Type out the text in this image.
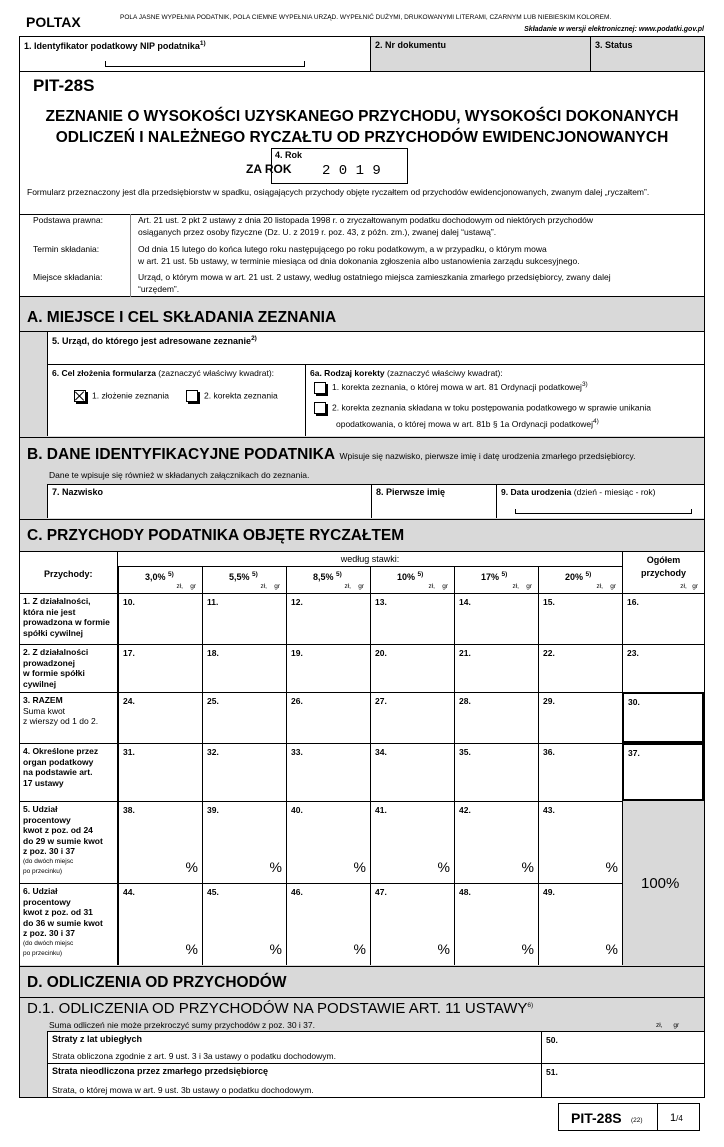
POLTAX	POLA JASNE WYPEŁNIA PODATNIK, POLA CIEMNE WYPEŁNIA URZĄD. WYPEŁNIĆ DUŻYMI, DRUKOWANYMI LITERAMI, CZARNYM LUB NIEBIESKIM KOLOREM.
Składanie w wersji elektronicznej: www.podatki.gov.pl
1. Identyfikator podatkowy NIP podatnika$^{1)}$	2. Nr dokumentu	3. Status
PIT-28S
ZEZNANIE O WYSOKOŚCI UZYSKANEGO PRZYCHODU, WYSOKOŚCI DOKONANYCH
ODLICZEŃ I NALEŻNEGO RYCZAŁTU OD PRZYCHODÓW EWIDENCJONOWANYCH
ZA ROK
4. Rok
2 0 1 9
Formularz przeznaczony jest dla przedsiębiorstw w spadku, osiągających przychody objęte ryczałtem od przychodów ewidencjonowanych, zwanym dalej „ryczałtem”.
Podstawa prawna:	Art. 21 ust. 2 pkt 2 ustawy z dnia 20 listopada 1998 r. o zryczałtowanym podatku dochodowym od niektórych przychodów
osiąganych przez osoby fizyczne (Dz. U. z 2019 r. poz. 43, z późn. zm.), zwanej dalej “ustawą”.
Termin składania:	Od dnia 15 lutego do końca lutego roku następującego po roku podatkowym, a w przypadku, o którym mowa
w art. 21 ust. 5b ustawy, w terminie miesiąca od dnia dokonania zgłoszenia albo ustanowienia zarządu sukcesyjnego.
Miejsce składania:	Urząd, o którym mowa w art. 21 ust. 2 ustawy, według ostatniego miejsca zamieszkania zmarłego przedsiębiorcy, zwany dalej
“urzędem”.
A. MIEJSCE I CEL SKŁADANIA ZEZNANIA
5. Urząd, do którego jest adresowane zeznanie$^{2)}$
6. Cel złożenia formularza (zaznaczyć właściwy kwadrat):
1. złożenie zeznania	2. korekta zeznania
6a. Rodzaj korekty (zaznaczyć właściwy kwadrat):
1. korekta zeznania, o której mowa w art. 81 Ordynacji podatkowej$^{3)}$
2. korekta zeznania składana w toku postępowania podatkowego w sprawie unikania
opodatkowania, o której mowa w art. 81b § 1a Ordynacji podatkowej$^{4)}$
B. DANE IDENTYFIKACYJNE PODATNIKA Wpisuje się nazwisko, pierwsze imię i datę urodzenia zmarłego przedsiębiorcy.
Dane te wpisuje się również w składanych załącznikach do zeznania.
7. Nazwisko	8. Pierwsze imię	9. Data urodzenia (dzień - miesiąc - rok)
C. PRZYCHODY PODATNIKA OBJĘTE RYCZAŁTEM
Przychody:
według stawki:	Ogółem
przychody
zł, gr
3,0% $^{5)}$
zł, gr
5,5% $^{5)}$
zł, gr
8,5% $^{5)}$
zł, gr
10% $^{5)}$
zł, gr
17% $^{5)}$
zł, gr
20% $^{5)}$
zł, gr
1. Z działalności,
która nie jest
prowadzona w formie
spółki cywilnej
10.	11.	12.	13.	14.	15.	16.
2. Z działalności
prowadzonej
w formie spółki
cywilnej
17.	18.	19.	20.	21.	22.	23.
3. RAZEM
Suma kwot
z wierszy od 1 do 2.
24.	25.	26.	27.	28.	29.	30.
4. Określone przez
organ podatkowy
na podstawie art.
17 ustawy
31.	32.	33.	34.	35.	36.	37.
5. Udział
procentowy
kwot z poz. od 24
do 29 w sumie kwot
z poz. 30 i 37
(do dwóch miejsc
po przecinku)
38.
%
39.
%
40.
%
41.
%
42.
%
43.
%
6. Udział
procentowy
kwot z poz. od 31
do 36 w sumie kwot
z poz. 30 i 37
(do dwóch miejsc
po przecinku)
44.
%
45.
%
46.
%
47.
%
48.
%
49.
%
100%
D. ODLICZENIA OD PRZYCHODÓW
D.1. ODLICZENIA OD PRZYCHODÓW NA PODSTAWIE ART. 11 USTAWY$^{6)}$
Suma odliczeń nie może przekroczyć sumy przychodów z poz. 30 i 37.	zł, gr
Straty z lat ubiegłych
Strata obliczona zgodnie z art. 9 ust. 3 i 3a ustawy o podatku dochodowym.
50.
Strata nieodliczona przez zmarłego przedsiębiorcę
Strata, o której mowa w art. 9 ust. 3b ustawy o podatku dochodowym.
51.
PIT-28S (22) 1/4
